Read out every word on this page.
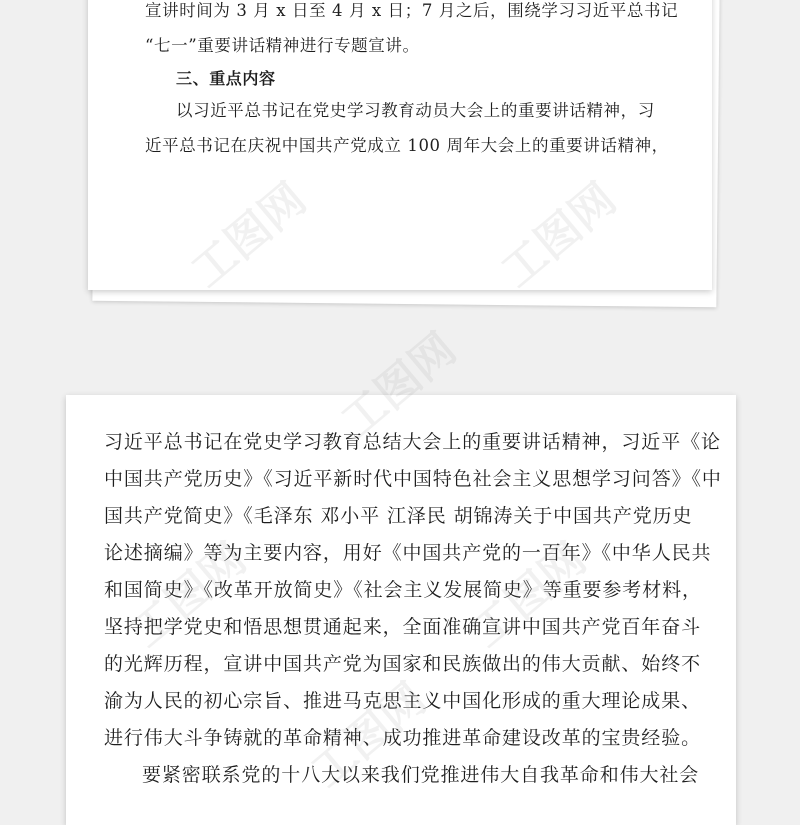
宣讲时间为 3 月 x 日至 4 月 x 日；7 月之后，围绕学习习近平总书记
“七一”重要讲话精神进行专题宣讲。
三、重点内容
以习近平总书记在党史学习教育动员大会上的重要讲话精神，习
近平总书记在庆祝中国共产党成立 100 周年大会上的重要讲话精神，
习近平总书记在党史学习教育总结大会上的重要讲话精神，习近平《论
中国共产党历史》《习近平新时代中国特色社会主义思想学习问答》《中
国共产党简史》《毛泽东 邓小平 江泽民 胡锦涛关于中国共产党历史
论述摘编》等为主要内容，用好《中国共产党的一百年》《中华人民共
和国简史》《改革开放简史》《社会主义发展简史》等重要参考材料，
坚持把学党史和悟思想贯通起来，全面准确宣讲中国共产党百年奋斗
的光辉历程，宣讲中国共产党为国家和民族做出的伟大贡献、始终不
渝为人民的初心宗旨、推进马克思主义中国化形成的重大理论成果、
进行伟大斗争铸就的革命精神、成功推进革命建设改革的宝贵经验。
要紧密联系党的十八大以来我们党推进伟大自我革命和伟大社会
工图网
